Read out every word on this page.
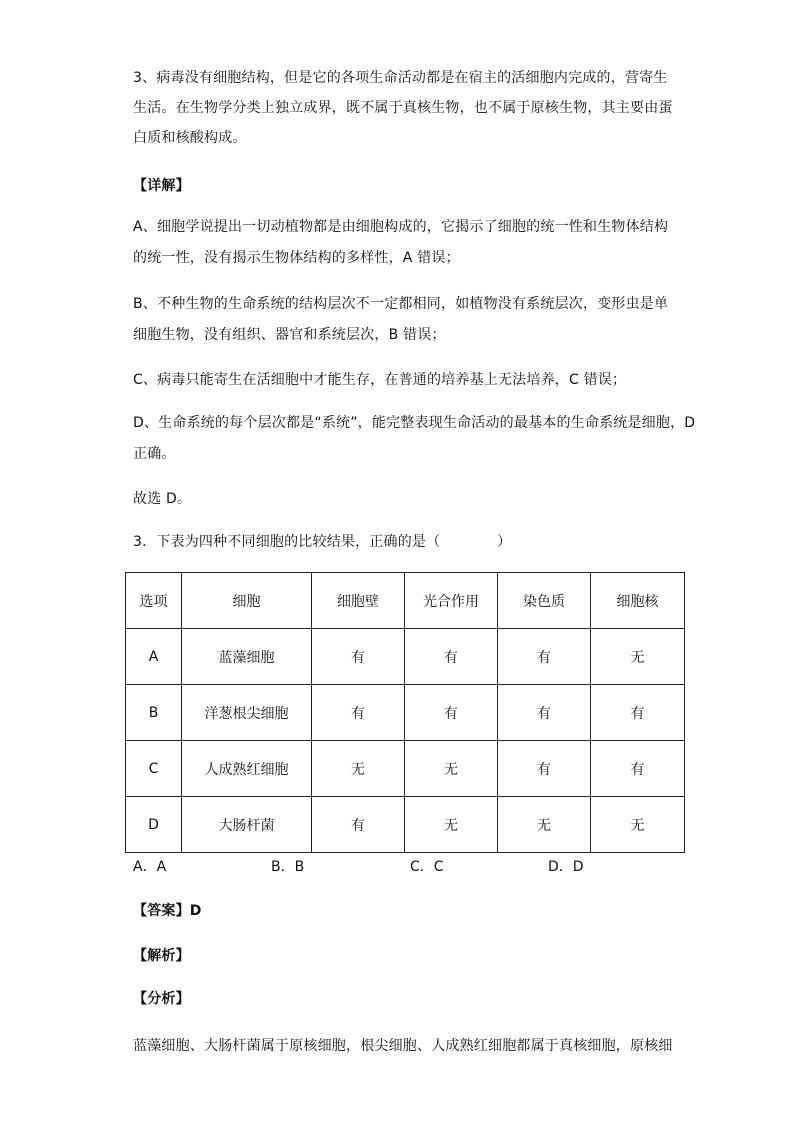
3、病毒没有细胞结构，但是它的各项生命活动都是在宿主的活细胞内完成的，营寄生
生活。在生物学分类上独立成界，既不属于真核生物，也不属于原核生物，其主要由蛋
白质和核酸构成。
【详解】
A、细胞学说提出一切动植物都是由细胞构成的，它揭示了细胞的统一性和生物体结构
的统一性，没有揭示生物体结构的多样性，A 错误；
B、不种生物的生命系统的结构层次不一定都相同，如植物没有系统层次，变形虫是单
细胞生物，没有组织、器官和系统层次，B 错误；
C、病毒只能寄生在活细胞中才能生存，在普通的培养基上无法培养，C 错误；
D、生命系统的每个层次都是“系统”，能完整表现生命活动的最基本的生命系统是细胞，D
正确。
故选 D。
3．下表为四种不同细胞的比较结果，正确的是（　　　　）
选项	细胞	细胞壁	光合作用	染色质	细胞核
A	蓝藻细胞	有	有	有	无
B	洋葱根尖细胞	有	有	有	有
C	人成熟红细胞	无	无	有	有
D	大肠杆菌	有	无	无	无
A．A	B．B	C．C	D．D
【答案】D
【解析】
【分析】
蓝藻细胞、大肠杆菌属于原核细胞，根尖细胞、人成熟红细胞都属于真核细胞，原核细
